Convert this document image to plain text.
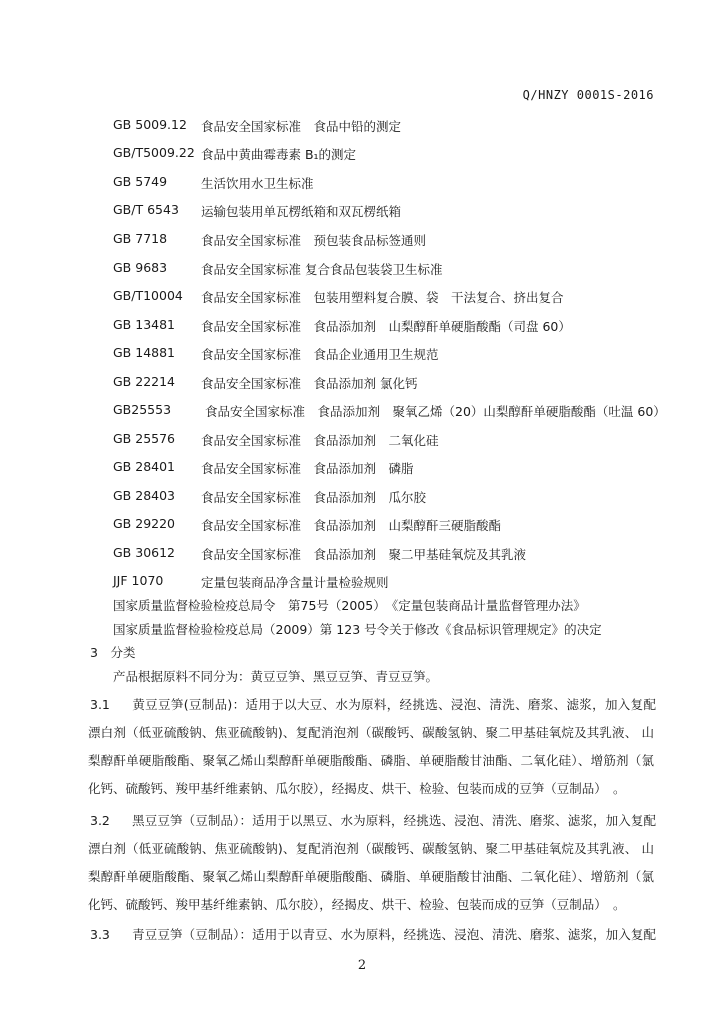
Q/HNZY 0001S-2016
GB 5009.12 食品安全国家标准　食品中铅的测定
GB/T5009.22 食品中黄曲霉毒素 B₁的测定
GB 5749	生活饮用水卫生标准
GB/T 6543 运输包装用单瓦楞纸箱和双瓦楞纸箱
GB 7718	食品安全国家标准　预包装食品标签通则
GB 9683	食品安全国家标准 复合食品包装袋卫生标准
GB/T10004 食品安全国家标准　包装用塑料复合膜、袋　干法复合、挤出复合
GB 13481 食品安全国家标准　食品添加剂　山梨醇酐单硬脂酸酯（司盘 60）
GB 14881 食品安全国家标准　食品企业通用卫生规范
GB 22214 食品安全国家标准　食品添加剂 氯化钙
GB25553	食品安全国家标准　食品添加剂　聚氧乙烯（20）山梨醇酐单硬脂酸酯（吐温 60）
GB 25576 食品安全国家标准　食品添加剂　二氧化硅
GB 28401 食品安全国家标准　食品添加剂　磷脂
GB 28403 食品安全国家标准　食品添加剂　瓜尔胶
GB 29220 食品安全国家标准　食品添加剂　山梨醇酐三硬脂酸酯
GB 30612 食品安全国家标准　食品添加剂　聚二甲基硅氧烷及其乳液
JJF 1070	定量包装商品净含量计量检验规则
国家质量监督检验检疫总局令　第75号（2005）　《定量包装商品计量监督管理办法》
国家质量监督检验检疫总局（2009）第 123 号令关于修改《食品标识管理规定》的决定
3　分类
产品根据原料不同分为：黄豆豆笋、黑豆豆笋、青豆豆笋。
3.1 黄豆豆笋(豆制品)：适用于以大豆、水为原料，经挑选、浸泡、清洗、磨浆、滤浆，加入复配
漂白剂（低亚硫酸钠、焦亚硫酸钠)、复配消泡剂（碳酸钙、碳酸氢钠、聚二甲基硅氧烷及其乳液、 山
梨醇酐单硬脂酸酯、聚氧乙烯山梨醇酐单硬脂酸酯、磷脂、单硬脂酸甘油酯、二氧化硅）、增筋剂（氯
化钙、硫酸钙、羧甲基纤维素钠、瓜尔胶），经揭皮、烘干、检验、包装而成的豆笋（豆制品）　。
3.2 黑豆豆笋（豆制品）：适用于以黑豆、水为原料，经挑选、浸泡、清洗、磨浆、滤浆，加入复配
漂白剂（低亚硫酸钠、焦亚硫酸钠)、复配消泡剂（碳酸钙、碳酸氢钠、聚二甲基硅氧烷及其乳液、 山
梨醇酐单硬脂酸酯、聚氧乙烯山梨醇酐单硬脂酸酯、磷脂、单硬脂酸甘油酯、二氧化硅）、增筋剂（氯
化钙、硫酸钙、羧甲基纤维素钠、瓜尔胶），经揭皮、烘干、检验、包装而成的豆笋（豆制品）　。
3.3 青豆豆笋（豆制品）：适用于以青豆、水为原料，经挑选、浸泡、清洗、磨浆、滤浆，加入复配
2
